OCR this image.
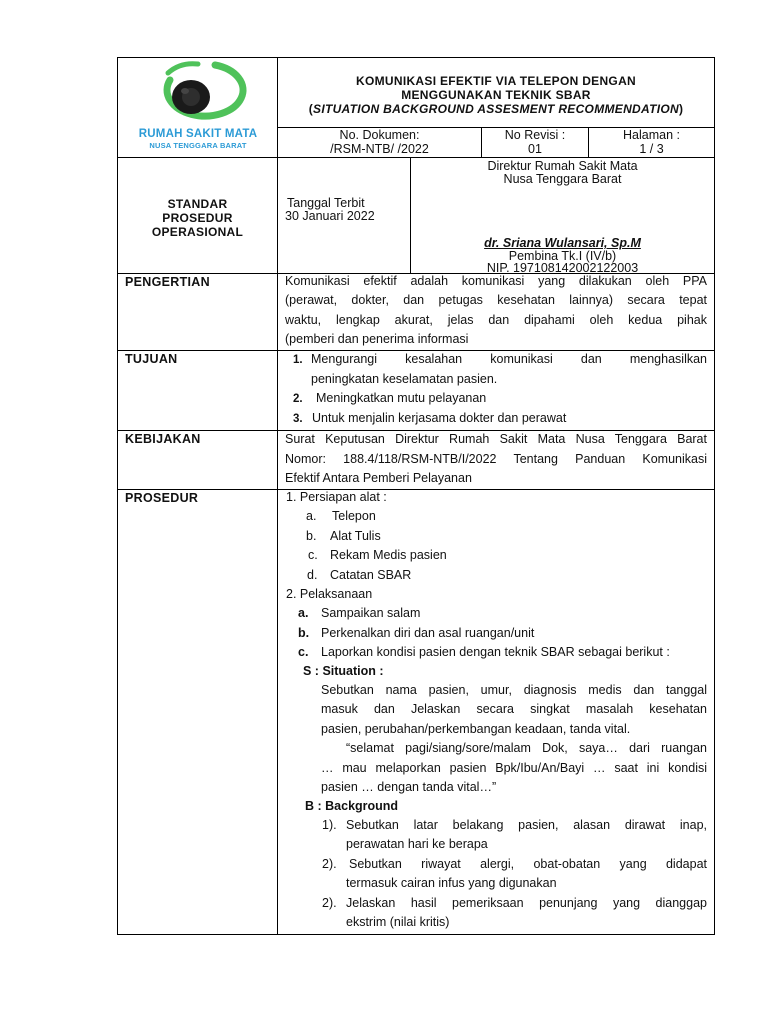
RUMAH SAKIT MATA
NUSA TENGGARA BARAT
KOMUNIKASI EFEKTIF VIA TELEPON DENGAN
MENGGUNAKAN TEKNIK SBAR
(SITUATION BACKGROUND ASSESMENT RECOMMENDATION)
No. Dokumen:
/RSM-NTB/ /2022
No Revisi :
01
Halaman :
1 / 3
STANDAR
PROSEDUR
OPERASIONAL
Tanggal Terbit
30 Januari 2022
Direktur Rumah Sakit Mata
Nusa Tenggara Barat
dr. Sriana Wulansari, Sp.M
Pembina Tk.I (IV/b)
NIP. 197108142002122003
PENGERTIAN	Komunikasi efektif adalah komunikasi yang dilakukan oleh PPA
(perawat, dokter, dan petugas kesehatan lainnya) secara tepat
waktu, lengkap akurat, jelas dan dipahami oleh kedua pihak
(pemberi dan penerima informasi
TUJUAN	1. Mengurangi kesalahan komunikasi dan menghasilkan
peningkatan keselamatan pasien.
2. Meningkatkan mutu pelayanan
3. Untuk menjalin kerjasama dokter dan perawat
KEBIJAKAN	Surat Keputusan Direktur Rumah Sakit Mata Nusa Tenggara Barat
Nomor: 188.4/118/RSM-NTB/I/2022 Tentang Panduan Komunikasi
Efektif Antara Pemberi Pelayanan
PROSEDUR	1. Persiapan alat :
a. Telepon
b. Alat Tulis
c. Rekam Medis pasien
d. Catatan SBAR
2. Pelaksanaan
a. Sampaikan salam
b. Perkenalkan diri dan asal ruangan/unit
c. Laporkan kondisi pasien dengan teknik SBAR sebagai berikut :
S : Situation :
Sebutkan nama pasien, umur, diagnosis medis dan tanggal
masuk dan Jelaskan secara singkat masalah kesehatan
pasien, perubahan/perkembangan keadaan, tanda vital.
“selamat pagi/siang/sore/malam Dok, saya… dari ruangan
… mau melaporkan pasien Bpk/Ibu/An/Bayi … saat ini kondisi
pasien … dengan tanda vital…”
B : Background
1). Sebutkan latar belakang pasien, alasan dirawat inap,
perawatan hari ke berapa
2). Sebutkan riwayat alergi, obat-obatan yang didapat
termasuk cairan infus yang digunakan
2). Jelaskan hasil pemeriksaan penunjang yang dianggap
ekstrim (nilai kritis)
